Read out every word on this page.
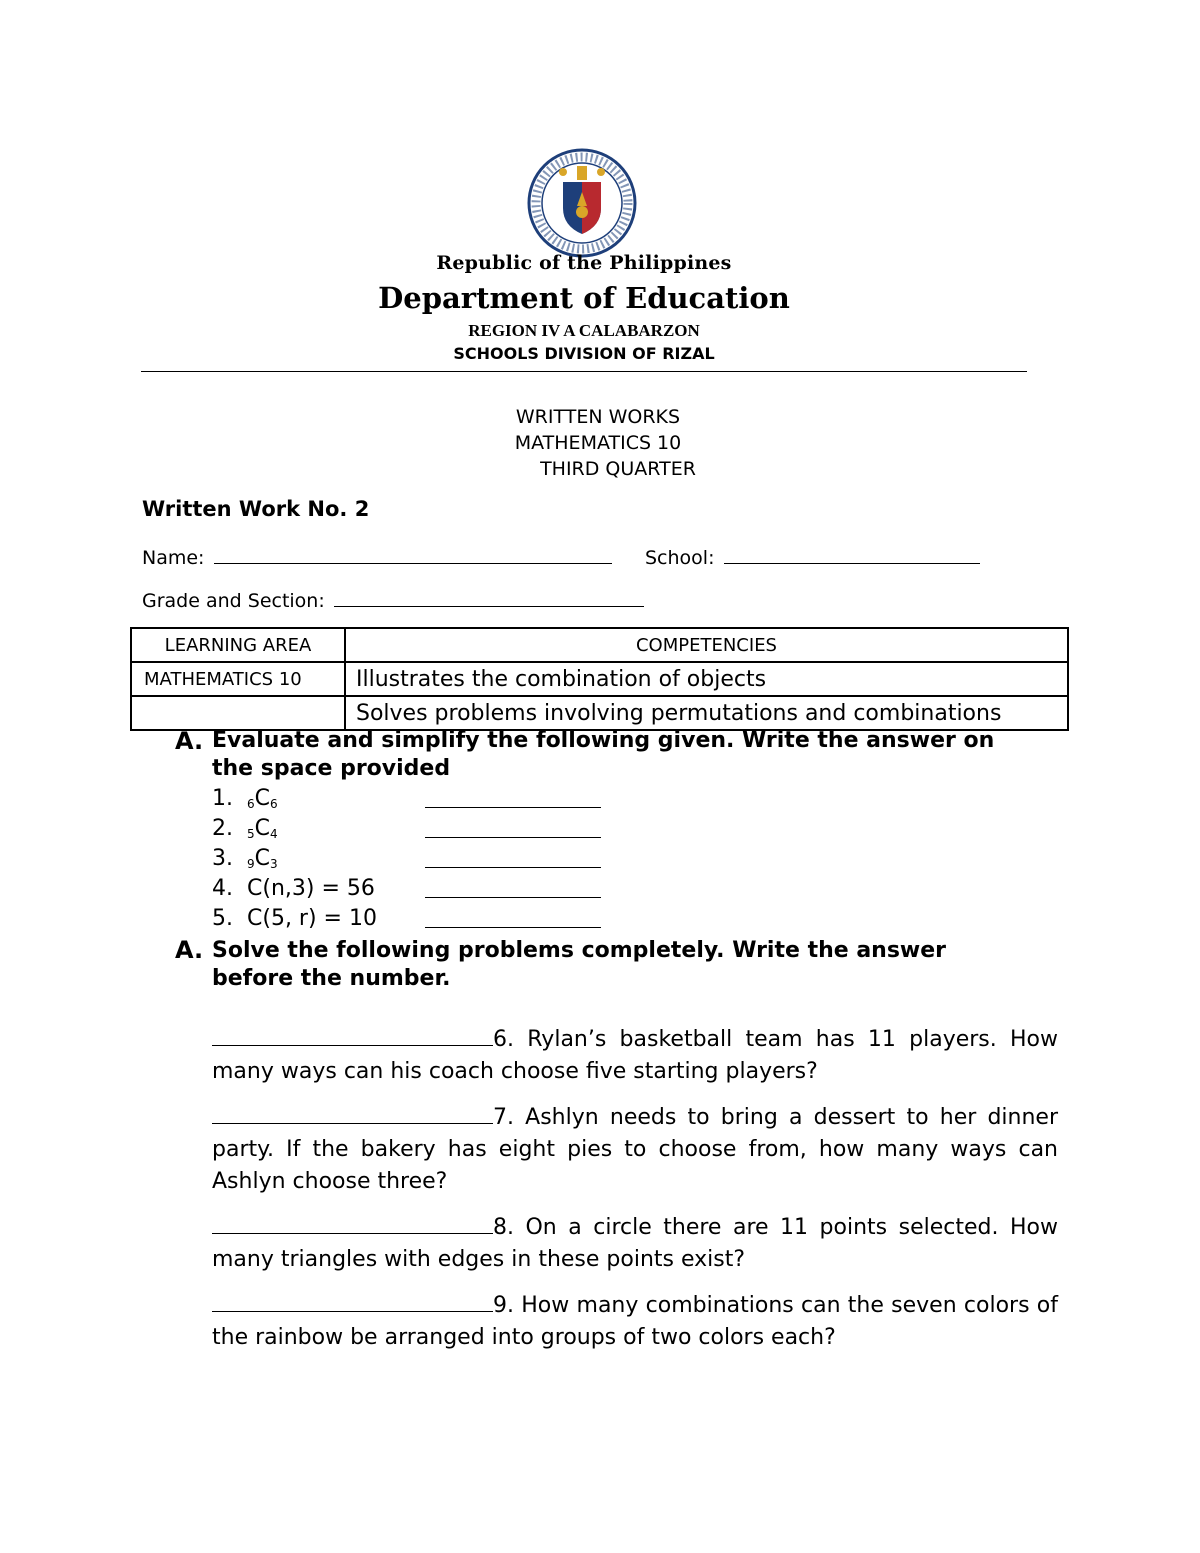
Republic of the Philippines
Department of Education
REGION IV A CALABARZON
SCHOOLS DIVISION OF RIZAL
WRITTEN WORKS
MATHEMATICS 10
THIRD QUARTER
Written Work No. 2
Name:	School:
Grade and Section:
LEARNING AREA	COMPETENCIES
MATHEMATICS 10	Illustrates the combination of objects
	Solves problems involving permutations and combinations
A. Evaluate and simplify the following given. Write the answer on
the space provided
1. $_6C_6$
2. $_5C_4$
3. $_9C_3$
4. C(n,3) = 56
5. C(5, r) = 10
A. Solve the following problems completely. Write the answer
before the number.
6. Rylan’s basketball team has 11 players. How many ways can his coach choose five starting players?
7. Ashlyn needs to bring a dessert to her dinner party. If the bakery has eight pies to choose from, how many ways can Ashlyn choose three?
8. On a circle there are 11 points selected. How many triangles with edges in these points exist?
9. How many combinations can the seven colors of the rainbow be arranged into groups of two colors each?
